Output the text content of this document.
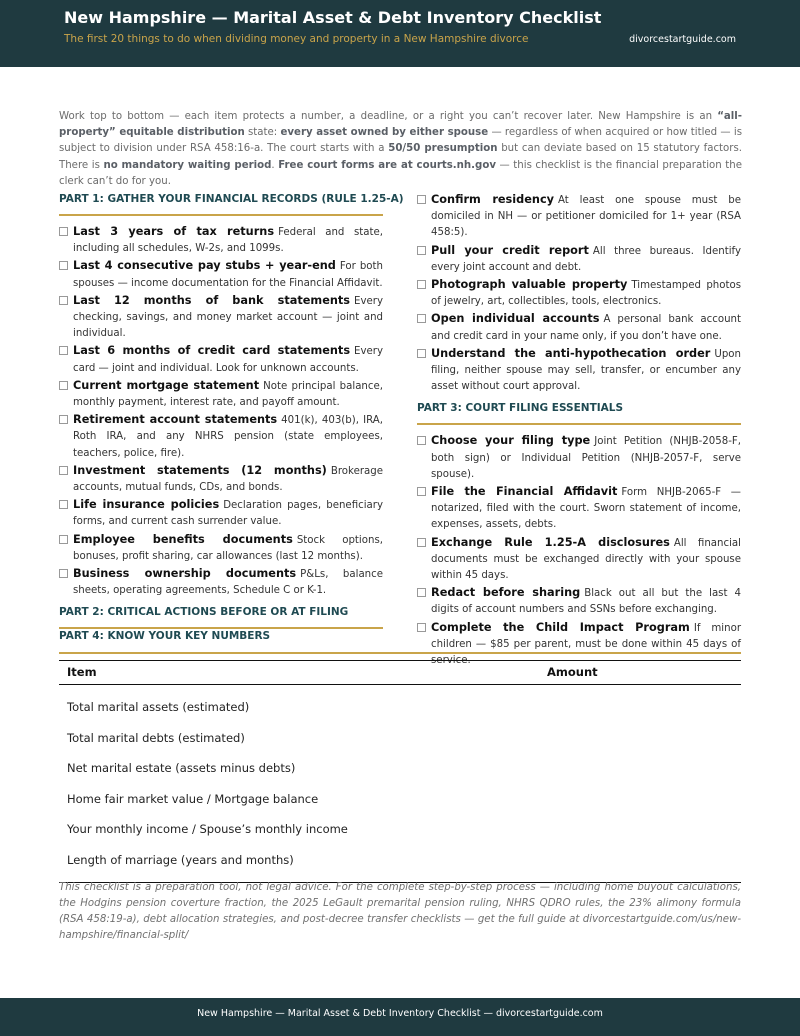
New Hampshire — Marital Asset & Debt Inventory Checklist
The first 20 things to do when dividing money and property in a New Hampshire divorce	divorcestartguide.com
Work top to bottom — each item protects a number, a deadline, or a right you can’t recover later. New Hampshire is an “all-property” equitable distribution state: every asset owned by either spouse — regardless of when acquired or how titled — is subject to division under RSA 458:16-a. The court starts with a 50/50 presumption but can deviate based on 15 statutory factors. There is no mandatory waiting period. Free court forms are at courts.nh.gov — this checklist is the financial preparation the clerk can’t do for you.
PART 1: GATHER YOUR FINANCIAL RECORDS (RULE 1.25-A)
Last 3 years of tax returns Federal and state, including all schedules, W-2s, and 1099s.
Last 4 consecutive pay stubs + year-end For both spouses — income documentation for the Financial Affidavit.
Last 12 months of bank statements Every checking, savings, and money market account — joint and individual.
Last 6 months of credit card statements Every card — joint and individual. Look for unknown accounts.
Current mortgage statement Note principal balance, monthly payment, interest rate, and payoff amount.
Retirement account statements 401(k), 403(b), IRA, Roth IRA, and any NHRS pension (state employees, teachers, police, fire).
Investment statements (12 months) Brokerage accounts, mutual funds, CDs, and bonds.
Life insurance policies Declaration pages, beneficiary forms, and current cash surrender value.
Employee benefits documents Stock options, bonuses, profit sharing, car allowances (last 12 months).
Business ownership documents P&Ls, balance sheets, operating agreements, Schedule C or K-1.
PART 2: CRITICAL ACTIONS BEFORE OR AT FILING
Confirm residency At least one spouse must be domiciled in NH — or petitioner domiciled for 1+ year (RSA 458:5).
Pull your credit report All three bureaus. Identify every joint account and debt.
Photograph valuable property Timestamped photos of jewelry, art, collectibles, tools, electronics.
Open individual accounts A personal bank account and credit card in your name only, if you don’t have one.
Understand the anti-hypothecation order Upon filing, neither spouse may sell, transfer, or encumber any asset without court approval.
PART 3: COURT FILING ESSENTIALS
Choose your filing type Joint Petition (NHJB-2058-F, both sign) or Individual Petition (NHJB-2057-F, serve spouse).
File the Financial Affidavit Form NHJB-2065-F — notarized, filed with the court. Sworn statement of income, expenses, assets, debts.
Exchange Rule 1.25-A disclosures All financial documents must be exchanged directly with your spouse within 45 days.
Redact before sharing Black out all but the last 4 digits of account numbers and SSNs before exchanging.
Complete the Child Impact Program If minor children — $85 per parent, must be done within 45 days of service.
PART 4: KNOW YOUR KEY NUMBERS
Item	Amount
Total marital assets (estimated)
Total marital debts (estimated)
Net marital estate (assets minus debts)
Home fair market value / Mortgage balance
Your monthly income / Spouse’s monthly income
Length of marriage (years and months)
This checklist is a preparation tool, not legal advice. For the complete step-by-step process — including home buyout calculations, the Hodgins pension coverture fraction, the 2025 LeGault premarital pension ruling, NHRS QDRO rules, the 23% alimony formula (RSA 458:19-a), debt allocation strategies, and post-decree transfer checklists — get the full guide at divorcestartguide.com/us/new-hampshire/financial-split/
New Hampshire — Marital Asset & Debt Inventory Checklist — divorcestartguide.com
